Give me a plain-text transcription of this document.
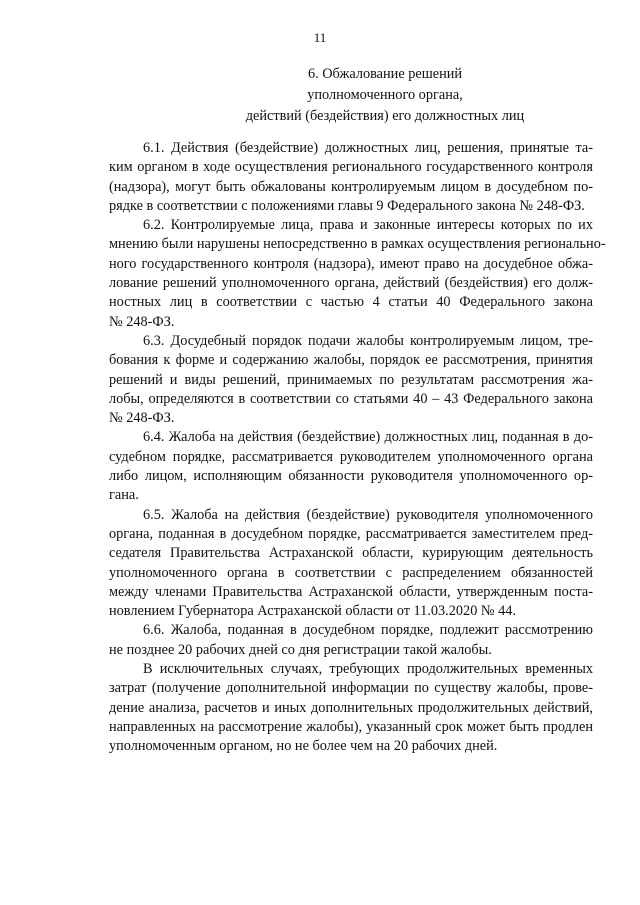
11
6. Обжалование решений
уполномоченного органа,
действий (бездействия) его должностных лиц

6.1. Действия (бездействие) должностных лиц, решения, принятые та-
ким органом в ходе осуществления регионального государственного контроля
(надзора), могут быть обжалованы контролируемым лицом в досудебном по-
рядке в соответствии с положениями главы 9 Федерального закона № 248-ФЗ.

6.2. Контролируемые лица, права и законные интересы которых по их
мнению были нарушены непосредственно в рамках осуществления регионально-
ного государственного контроля (надзора), имеют право на досудебное обжа-
лование решений уполномоченного органа, действий (бездействия) его долж-
ностных лиц в соответствии с частью 4 статьи 40 Федерального закона
№ 248-ФЗ.

6.3. Досудебный порядок подачи жалобы контролируемым лицом, тре-
бования к форме и содержанию жалобы, порядок ее рассмотрения, принятия
решений и виды решений, принимаемых по результатам рассмотрения жа-
лобы, определяются в соответствии со статьями 40 – 43 Федерального закона
№ 248-ФЗ.

6.4. Жалоба на действия (бездействие) должностных лиц, поданная в до-
судебном порядке, рассматривается руководителем уполномоченного органа
либо лицом, исполняющим обязанности руководителя уполномоченного ор-
гана.

6.5. Жалоба на действия (бездействие) руководителя уполномоченного
органа, поданная в досудебном порядке, рассматривается заместителем пред-
седателя Правительства Астраханской области, курирующим деятельность
уполномоченного органа в соответствии с распределением обязанностей
между членами Правительства Астраханской области, утвержденным поста-
новлением Губернатора Астраханской области от 11.03.2020 № 44.

6.6. Жалоба, поданная в досудебном порядке, подлежит рассмотрению
не позднее 20 рабочих дней со дня регистрации такой жалобы.

В исключительных случаях, требующих продолжительных временных
затрат (получение дополнительной информации по существу жалобы, прове-
дение анализа, расчетов и иных дополнительных продолжительных действий,
направленных на рассмотрение жалобы), указанный срок может быть продлен
уполномоченным органом, но не более чем на 20 рабочих дней.
